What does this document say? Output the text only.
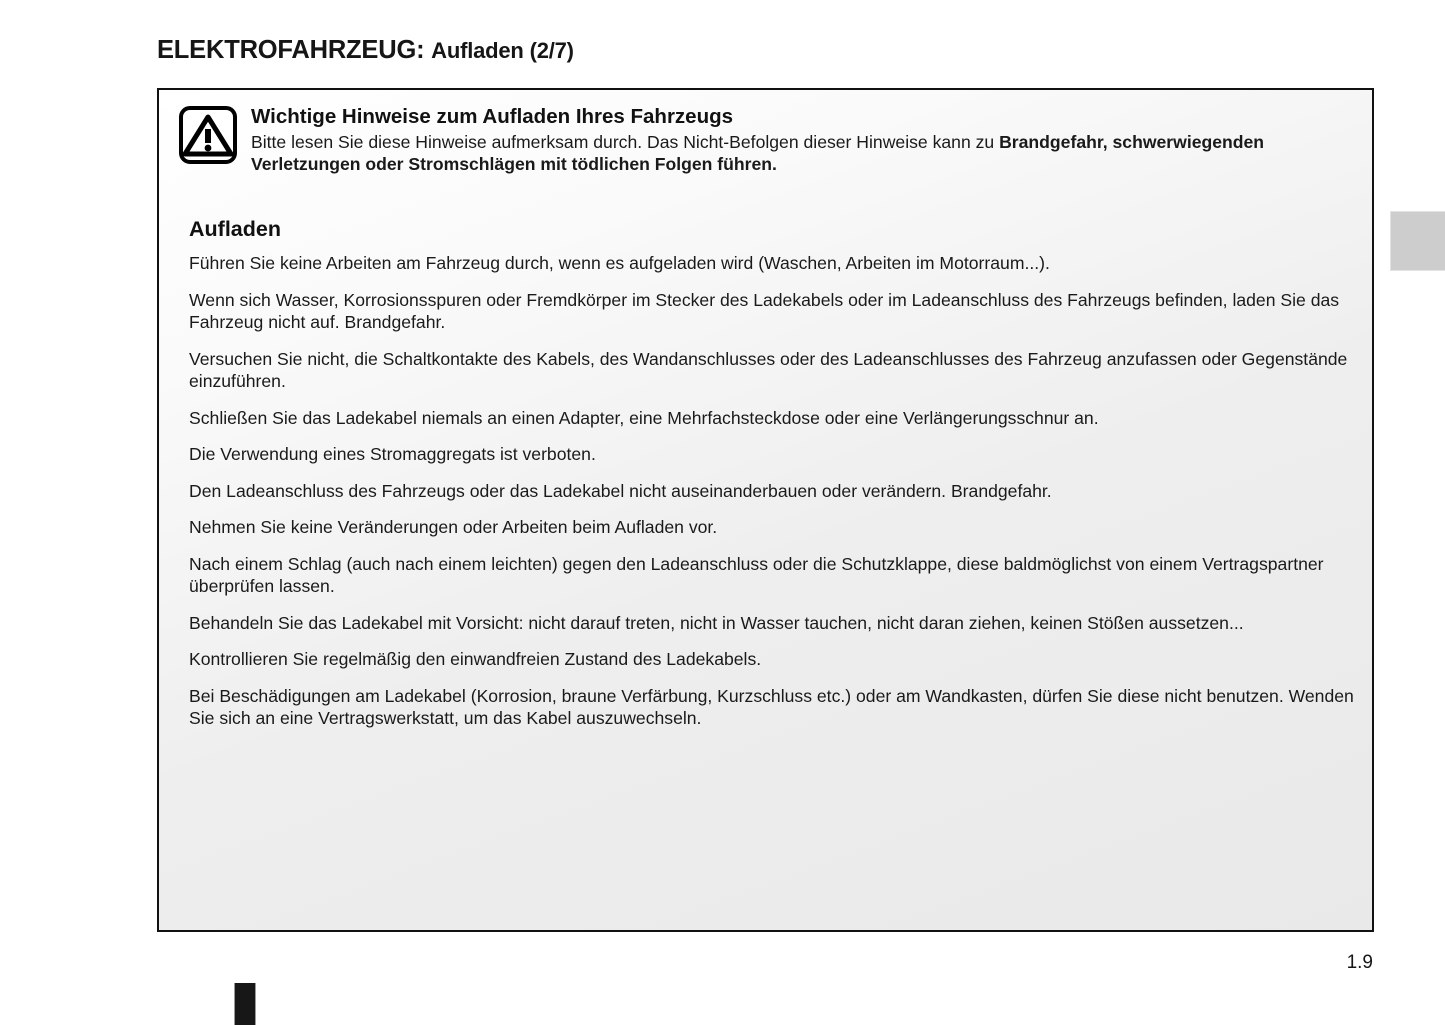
ELEKTROFAHRZEUG: Aufladen (2/7)
Wichtige Hinweise zum Aufladen Ihres Fahrzeugs
Bitte lesen Sie diese Hinweise aufmerksam durch. Das Nicht-Befolgen dieser Hinweise kann zu Brandgefahr, schwerwiegenden Verletzungen oder Stromschlägen mit tödlichen Folgen führen.
Aufladen
Führen Sie keine Arbeiten am Fahrzeug durch, wenn es aufgeladen wird (Waschen, Arbeiten im Motorraum...).
Wenn sich Wasser, Korrosionsspuren oder Fremdkörper im Stecker des Ladekabels oder im Ladeanschluss des Fahrzeugs befinden, laden Sie das Fahrzeug nicht auf. Brandgefahr.
Versuchen Sie nicht, die Schaltkontakte des Kabels, des Wandanschlusses oder des Ladeanschlusses des Fahrzeug anzufassen oder Gegenstände einzuführen.
Schließen Sie das Ladekabel niemals an einen Adapter, eine Mehrfachsteckdose oder eine Verlängerungsschnur an.
Die Verwendung eines Stromaggregats ist verboten.
Den Ladeanschluss des Fahrzeugs oder das Ladekabel nicht auseinanderbauen oder verändern. Brandgefahr.
Nehmen Sie keine Veränderungen oder Arbeiten beim Aufladen vor.
Nach einem Schlag (auch nach einem leichten) gegen den Ladeanschluss oder die Schutzklappe, diese baldmöglichst von einem Vertragspartner überprüfen lassen.
Behandeln Sie das Ladekabel mit Vorsicht: nicht darauf treten, nicht in Wasser tauchen, nicht daran ziehen, keinen Stößen aussetzen...
Kontrollieren Sie regelmäßig den einwandfreien Zustand des Ladekabels.
Bei Beschädigungen am Ladekabel (Korrosion, braune Verfärbung, Kurzschluss etc.) oder am Wandkasten, dürfen Sie diese nicht benutzen. Wenden Sie sich an eine Vertragswerkstatt, um das Kabel auszuwechseln.
1.9
